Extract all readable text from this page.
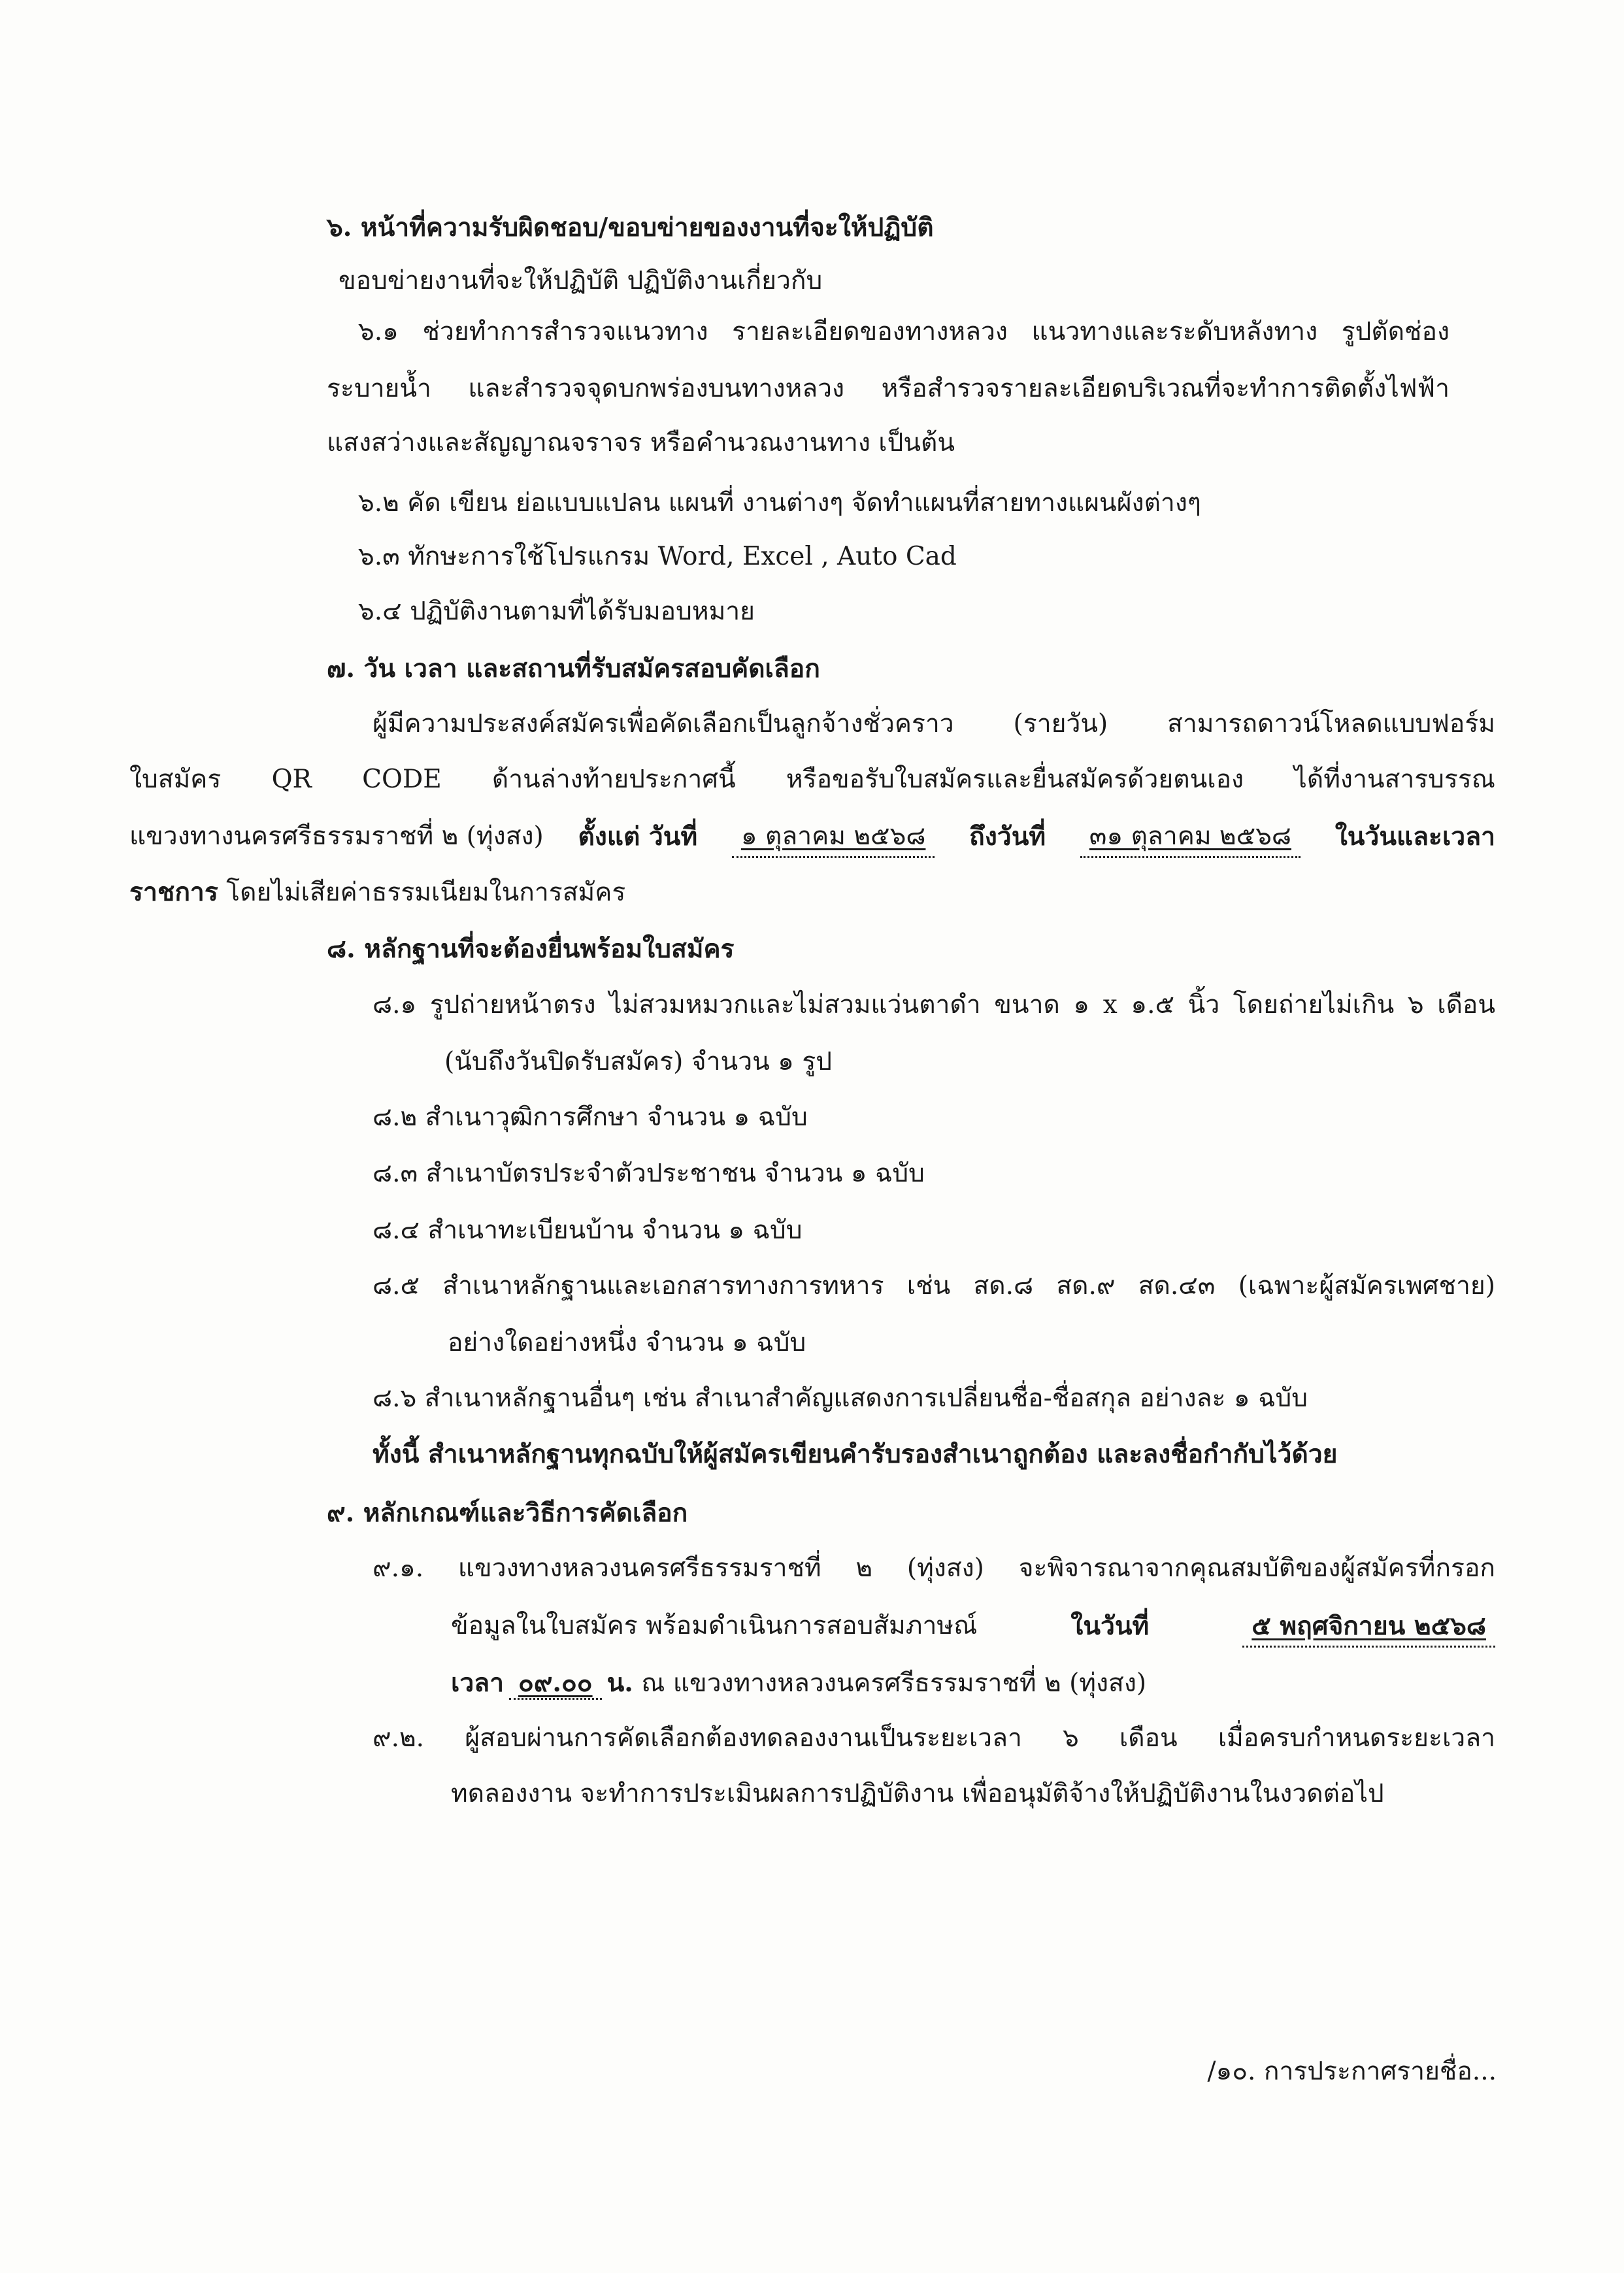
๖. หน้าที่ความรับผิดชอบ/ขอบข่ายของงานที่จะให้ปฏิบัติ
ขอบข่ายงานที่จะให้ปฏิบัติ ปฏิบัติงานเกี่ยวกับ
๖.๑ ช่วยทำการสำรวจแนวทาง รายละเอียดของทางหลวง แนวทางและระดับหลังทาง รูปตัดช่อง
ระบายน้ำ และสำรวจจุดบกพร่องบนทางหลวง หรือสำรวจรายละเอียดบริเวณที่จะทำการติดตั้งไฟฟ้า
แสงสว่างและสัญญาณจราจร หรือคำนวณงานทาง เป็นต้น
๖.๒ คัด เขียน ย่อแบบแปลน แผนที่ งานต่างๆ จัดทำแผนที่สายทางแผนผังต่างๆ
๖.๓ ทักษะการใช้โปรแกรม Word, Excel , Auto Cad
๖.๔ ปฏิบัติงานตามที่ได้รับมอบหมาย
๗. วัน เวลา และสถานที่รับสมัครสอบคัดเลือก
ผู้มีความประสงค์สมัครเพื่อคัดเลือกเป็นลูกจ้างชั่วคราว (รายวัน) สามารถดาวน์โหลดแบบฟอร์ม
ใบสมัคร QR CODE ด้านล่างท้ายประกาศนี้ หรือขอรับใบสมัครและยื่นสมัครด้วยตนเอง ได้ที่งานสารบรรณ
แขวงทางนครศรีธรรมราชที่ ๒ (ทุ่งสง) ตั้งแต่ วันที่	๑ ตุลาคม ๒๕๖๘	ถึงวันที่	๓๑ ตุลาคม ๒๕๖๘	ในวันและเวลา
ราชการ โดยไม่เสียค่าธรรมเนียมในการสมัคร
๘. หลักฐานที่จะต้องยื่นพร้อมใบสมัคร
๘.๑ รูปถ่ายหน้าตรง ไม่สวมหมวกและไม่สวมแว่นตาดำ ขนาด ๑ x ๑.๕ นิ้ว โดยถ่ายไม่เกิน ๖ เดือน
(นับถึงวันปิดรับสมัคร) จำนวน ๑ รูป
๘.๒ สำเนาวุฒิการศึกษา จำนวน ๑ ฉบับ
๘.๓ สำเนาบัตรประจำตัวประชาชน จำนวน ๑ ฉบับ
๘.๔ สำเนาทะเบียนบ้าน จำนวน ๑ ฉบับ
๘.๕ สำเนาหลักฐานและเอกสารทางการทหาร เช่น สด.๘ สด.๙ สด.๔๓ (เฉพาะผู้สมัครเพศชาย)
อย่างใดอย่างหนึ่ง จำนวน ๑ ฉบับ
๘.๖ สำเนาหลักฐานอื่นๆ เช่น สำเนาสำคัญแสดงการเปลี่ยนชื่อ-ชื่อสกุล อย่างละ ๑ ฉบับ
ทั้งนี้ สำเนาหลักฐานทุกฉบับให้ผู้สมัครเขียนคำรับรองสำเนาถูกต้อง และลงชื่อกำกับไว้ด้วย
๙. หลักเกณฑ์และวิธีการคัดเลือก
๙.๑. แขวงทางหลวงนครศรีธรรมราชที่ ๒ (ทุ่งสง) จะพิจารณาจากคุณสมบัติของผู้สมัครที่กรอก
ข้อมูลในใบสมัคร พร้อมดำเนินการสอบสัมภาษณ์	ในวันที่	๕ พฤศจิกายน ๒๕๖๘
เวลา ๐๙.๐๐ น. ณ แขวงทางหลวงนครศรีธรรมราชที่ ๒ (ทุ่งสง)
๙.๒. ผู้สอบผ่านการคัดเลือกต้องทดลองงานเป็นระยะเวลา ๖ เดือน เมื่อครบกำหนดระยะเวลา
ทดลองงาน จะทำการประเมินผลการปฏิบัติงาน เพื่ออนุมัติจ้างให้ปฏิบัติงานในงวดต่อไป
/๑๐. การประกาศรายชื่อ...
